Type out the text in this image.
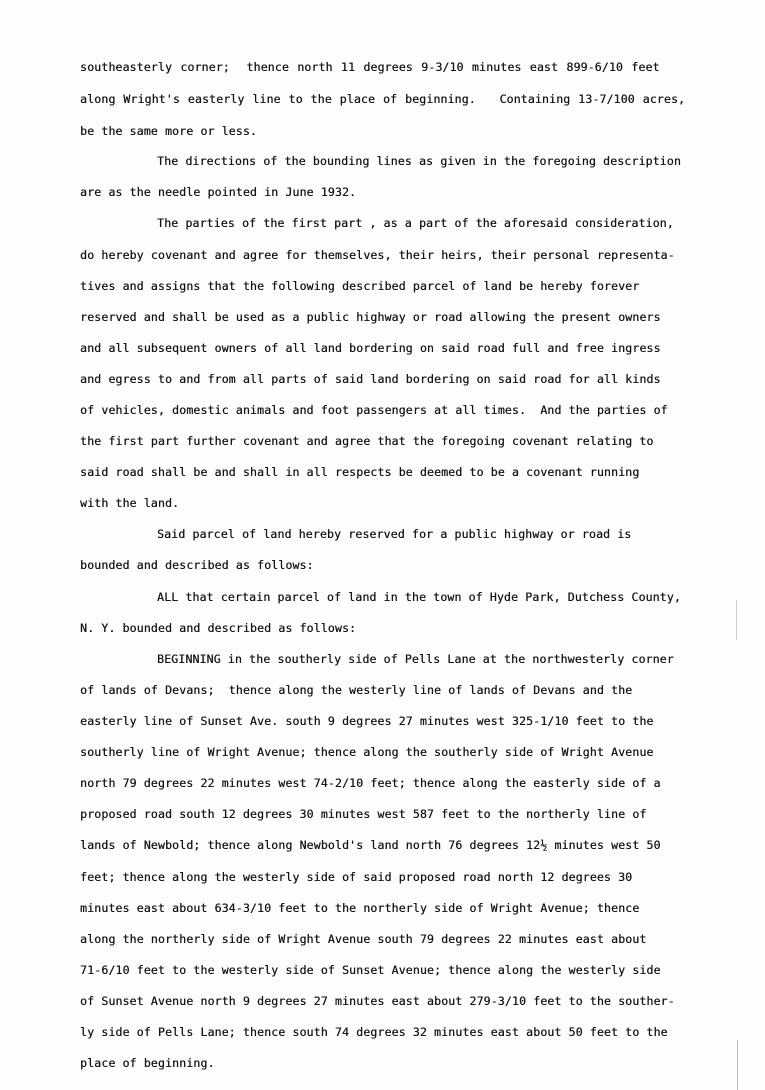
southeasterly corner;  thence north 11 degrees 9-3/10 minutes east 899-6/10 feet
along Wright's easterly line to the place of beginning.   Containing 13-7/100 acres,
be the same more or less.
The directions of the bounding lines as given in the foregoing description
are as the needle pointed in June 1932.
The parties of the first part , as a part of the aforesaid consideration,
do hereby covenant and agree for themselves, their heirs, their personal representa-
tives and assigns that the following described parcel of land be hereby forever
reserved and shall be used as a public highway or road allowing the present owners
and all subsequent owners of all land bordering on said road full and free ingress
and egress to and from all parts of said land bordering on said road for all kinds
of vehicles, domestic animals and foot passengers at all times.  And the parties of
the first part further covenant and agree that the foregoing covenant relating to
said road shall be and shall in all respects be deemed to be a covenant running
with the land.
Said parcel of land hereby reserved for a public highway or road is
bounded and described as follows:
ALL that certain parcel of land in the town of Hyde Park, Dutchess County,
N. Y. bounded and described as follows:
BEGINNING in the southerly side of Pells Lane at the northwesterly corner
of lands of Devans;  thence along the westerly line of lands of Devans and the
easterly line of Sunset Ave. south 9 degrees 27 minutes west 325-1/10 feet to the
southerly line of Wright Avenue; thence along the southerly side of Wright Avenue
north 79 degrees 22 minutes west 74-2/10 feet; thence along the easterly side of a
proposed road south 12 degrees 30 minutes west 587 feet to the northerly line of
lands of Newbold; thence along Newbold's land north 76 degrees 12½ minutes west 50
feet; thence along the westerly side of said proposed road north 12 degrees 30
minutes east about 634-3/10 feet to the northerly side of Wright Avenue; thence
along the northerly side of Wright Avenue south 79 degrees 22 minutes east about
71-6/10 feet to the westerly side of Sunset Avenue; thence along the westerly side
of Sunset Avenue north 9 degrees 27 minutes east about 279-3/10 feet to the souther-
ly side of Pells Lane; thence south 74 degrees 32 minutes east about 50 feet to the
place of beginning.
